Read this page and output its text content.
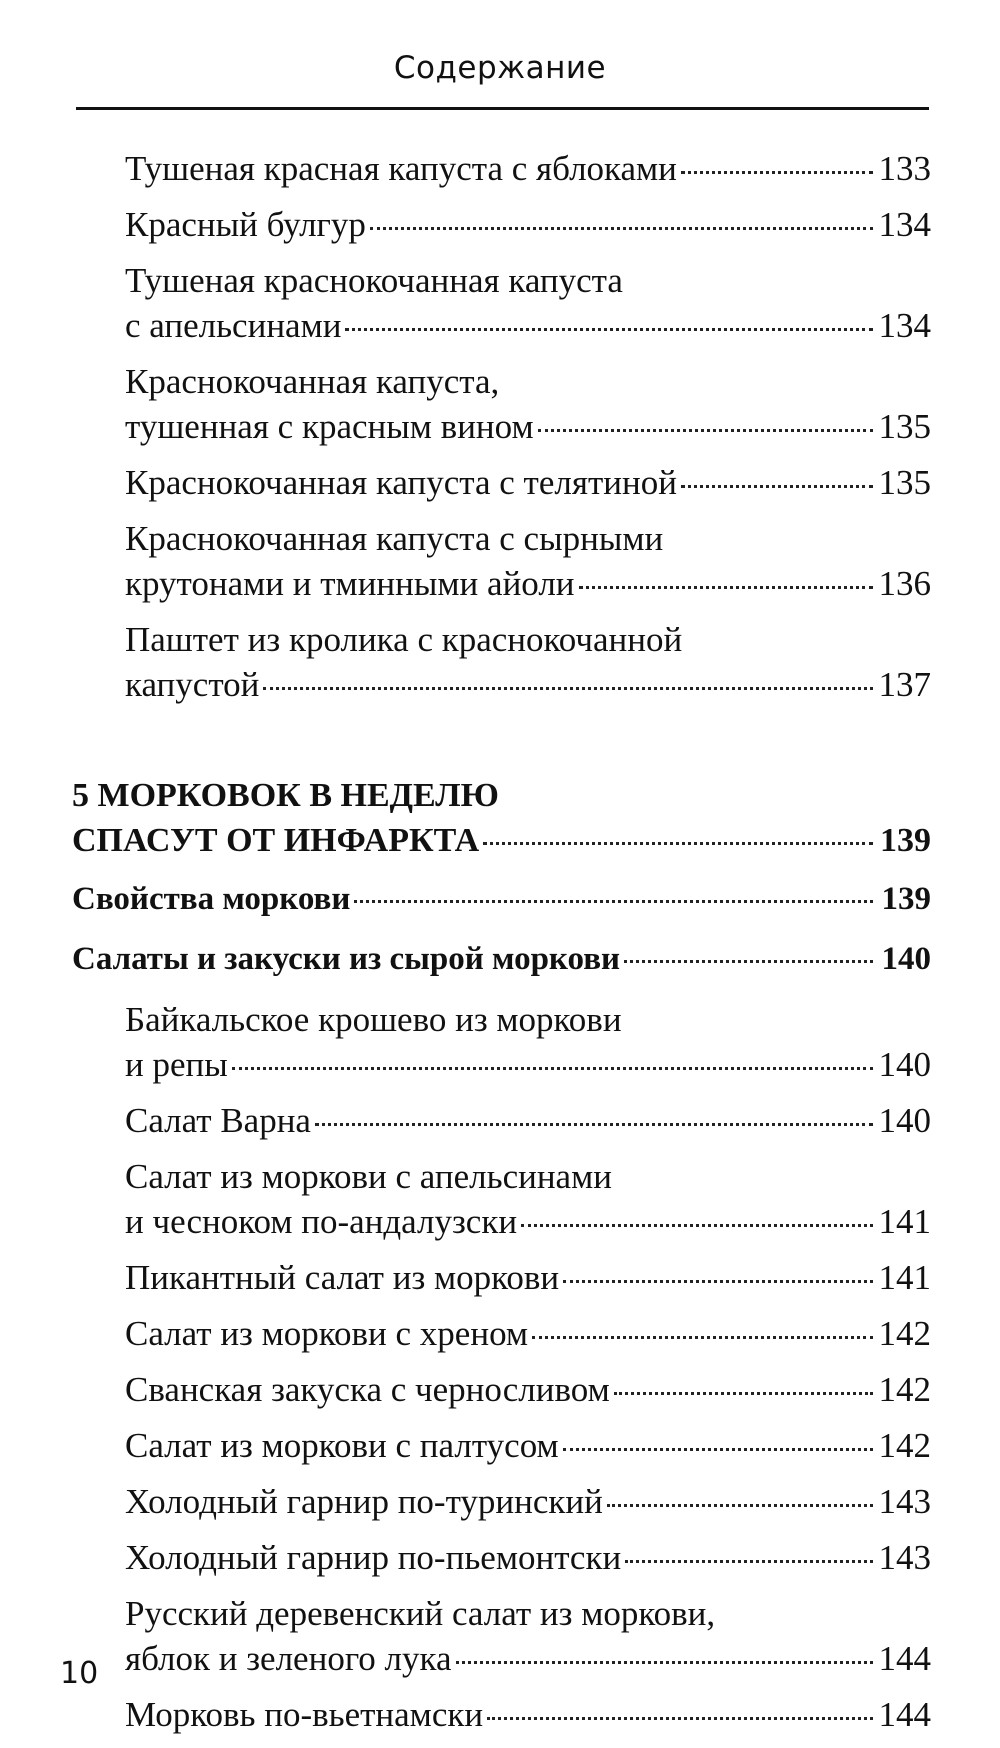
Содержание
Тушеная красная капуста с яблоками	133
Красный булгур	134
Тушеная краснокочанная капуста
с апельсинами	134
Краснокочанная капуста,
тушенная с красным вином	135
Краснокочанная капуста с телятиной	135
Краснокочанная капуста с сырными
крутонами и тминными айоли	136
Паштет из кролика с краснокочанной
капустой	137
5 МОРКОВОК В НЕДЕЛЮ
СПАСУТ ОТ ИНФАРКТА	139
Свойства моркови	139
Салаты и закуски из сырой моркови	140
Байкальское крошево из моркови
и репы	140
Салат Варна	140
Салат из моркови с апельсинами
и чесноком по-андалузски	141
Пикантный салат из моркови	141
Салат из моркови с хреном	142
Сванская закуска с черносливом	142
Салат из моркови с палтусом	142
Холодный гарнир по-туринский	143
Холодный гарнир по-пьемонтски	143
Русский деревенский салат из моркови,
яблок и зеленого лука	144
Морковь по-вьетнамски	144
10
